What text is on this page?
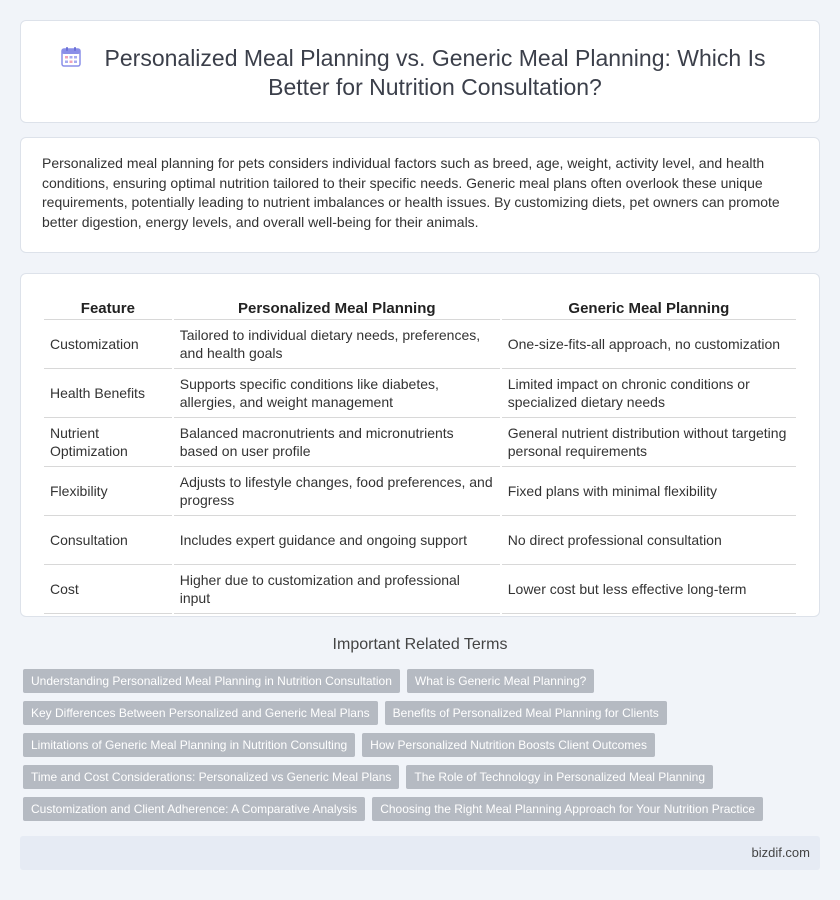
Personalized Meal Planning vs. Generic Meal Planning: Which Is Better for Nutrition Consultation?

Personalized meal planning for pets considers individual factors such as breed, age, weight, activity level, and health conditions, ensuring optimal nutrition tailored to their specific needs. Generic meal plans often overlook these unique requirements, potentially leading to nutrient imbalances or health issues. By customizing diets, pet owners can promote better digestion, energy levels, and overall well-being for their animals.

Feature	Personalized Meal Planning	Generic Meal Planning
Customization	Tailored to individual dietary needs, preferences, and health goals	One-size-fits-all approach, no customization
Health Benefits	Supports specific conditions like diabetes, allergies, and weight management	Limited impact on chronic conditions or specialized dietary needs
Nutrient Optimization	Balanced macronutrients and micronutrients based on user profile	General nutrient distribution without targeting personal requirements
Flexibility	Adjusts to lifestyle changes, food preferences, and progress	Fixed plans with minimal flexibility
Consultation	Includes expert guidance and ongoing support	No direct professional consultation
Cost	Higher due to customization and professional input	Lower cost but less effective long-term
Important Related Terms
Understanding Personalized Meal Planning in Nutrition Consultation	What is Generic Meal Planning?
Key Differences Between Personalized and Generic Meal Plans	Benefits of Personalized Meal Planning for Clients
Limitations of Generic Meal Planning in Nutrition Consulting	How Personalized Nutrition Boosts Client Outcomes
Time and Cost Considerations: Personalized vs Generic Meal Plans	The Role of Technology in Personalized Meal Planning
Customization and Client Adherence: A Comparative Analysis	Choosing the Right Meal Planning Approach for Your Nutrition Practice
bizdif.com
